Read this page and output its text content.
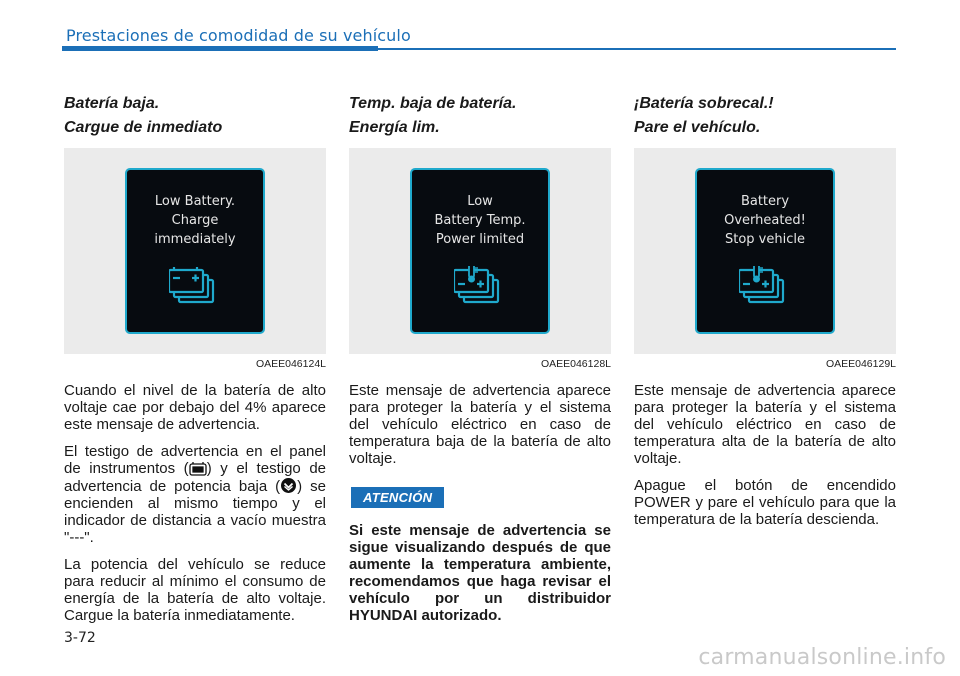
Prestaciones de comodidad de su vehículo
Batería baja.
Cargue de inmediato
Low Battery.
Charge
immediately
OAEE046124L

Cuando el nivel de la batería de alto voltaje cae por debajo del 4% aparece este mensaje de advertencia.

El testigo de advertencia en el panel de instrumentos ( ) y el testigo de advertencia de potencia baja ( ) se encienden al mismo tiempo y el indicador de distancia a vacío muestra "---".

La potencia del vehículo se reduce para reducir al mínimo el consumo de energía de la batería de alto voltaje. Cargue la batería inmediatamente.

Temp. baja de batería.
Energía lim.
Low
Battery Temp.
Power limited
OAEE046128L

Este mensaje de advertencia aparece para proteger la batería y el sistema del vehículo eléctrico en caso de temperatura baja de la batería de alto voltaje.

ATENCIÓN

Si este mensaje de advertencia se sigue visualizando después de que aumente la temperatura ambiente, recomendamos que haga revisar el vehículo por un distribuidor HYUNDAI autorizado.

¡Batería sobrecal.!
Pare el vehículo.
Battery
Overheated!
Stop vehicle
OAEE046129L

Este mensaje de advertencia aparece para proteger la batería y el sistema del vehículo eléctrico en caso de temperatura alta de la batería de alto voltaje.

Apague el botón de encendido POWER y pare el vehículo para que la temperatura de la batería descienda.

3-72
carmanualsonline.info
